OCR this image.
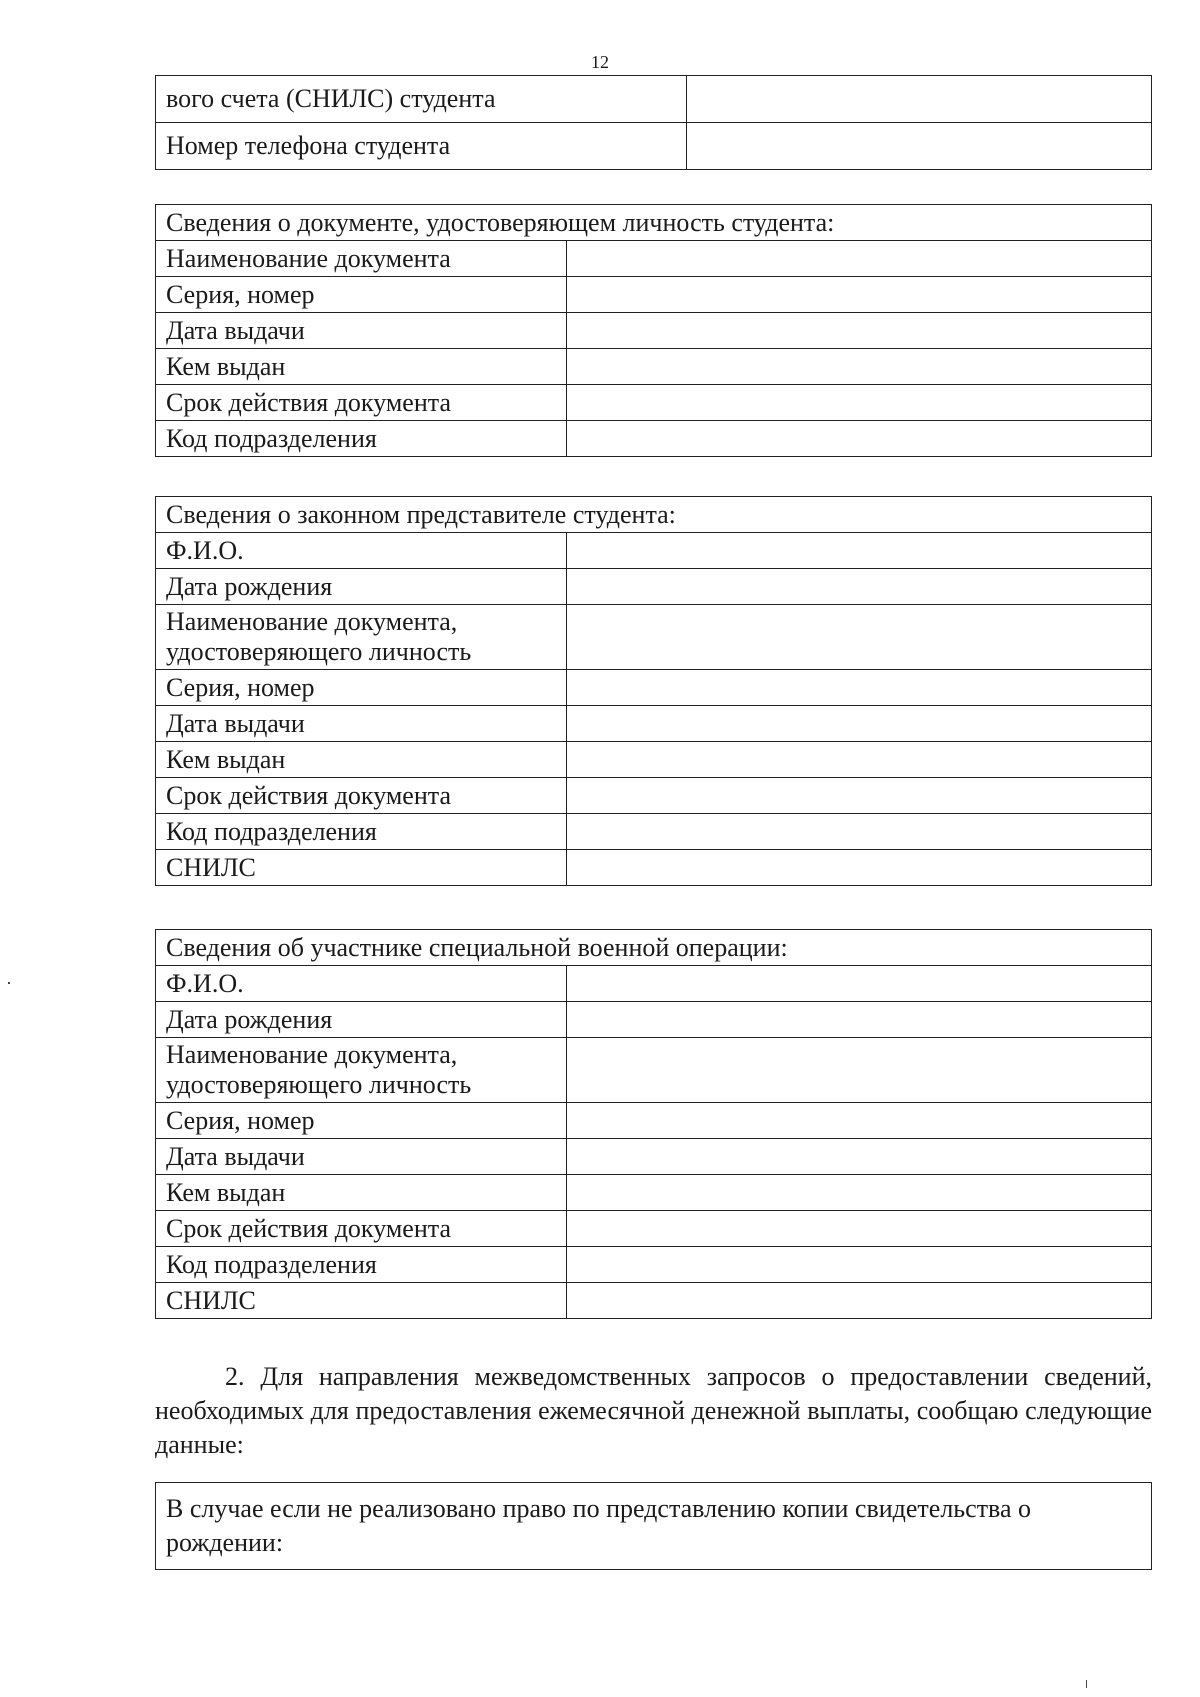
12
вого счета (СНИЛС) студента	
Номер телефона студента	
Сведения о документе, удостоверяющем личность студента:	
Наименование документа	
Серия, номер	
Дата выдачи	
Кем выдан	
Срок действия документа	
Код подразделения	
Сведения о законном представителе студента:	
Ф.И.О.	
Дата рождения	
Наименование документа, удостоверяющего личность	
Серия, номер	
Дата выдачи	
Кем выдан	
Срок действия документа	
Код подразделения	
СНИЛС	
Сведения об участнике специальной военной операции:	
Ф.И.О.	
Дата рождения	
Наименование документа, удостоверяющего личность	
Серия, номер	
Дата выдачи	
Кем выдан	
Срок действия документа	
Код подразделения	
СНИЛС	
2. Для направления межведомственных запросов о предоставлении сведений, необходимых для предоставления ежемесячной денежной выплаты, сообщаю следующие данные:
В случае если не реализовано право по представлению копии свидетельства о рождении:
